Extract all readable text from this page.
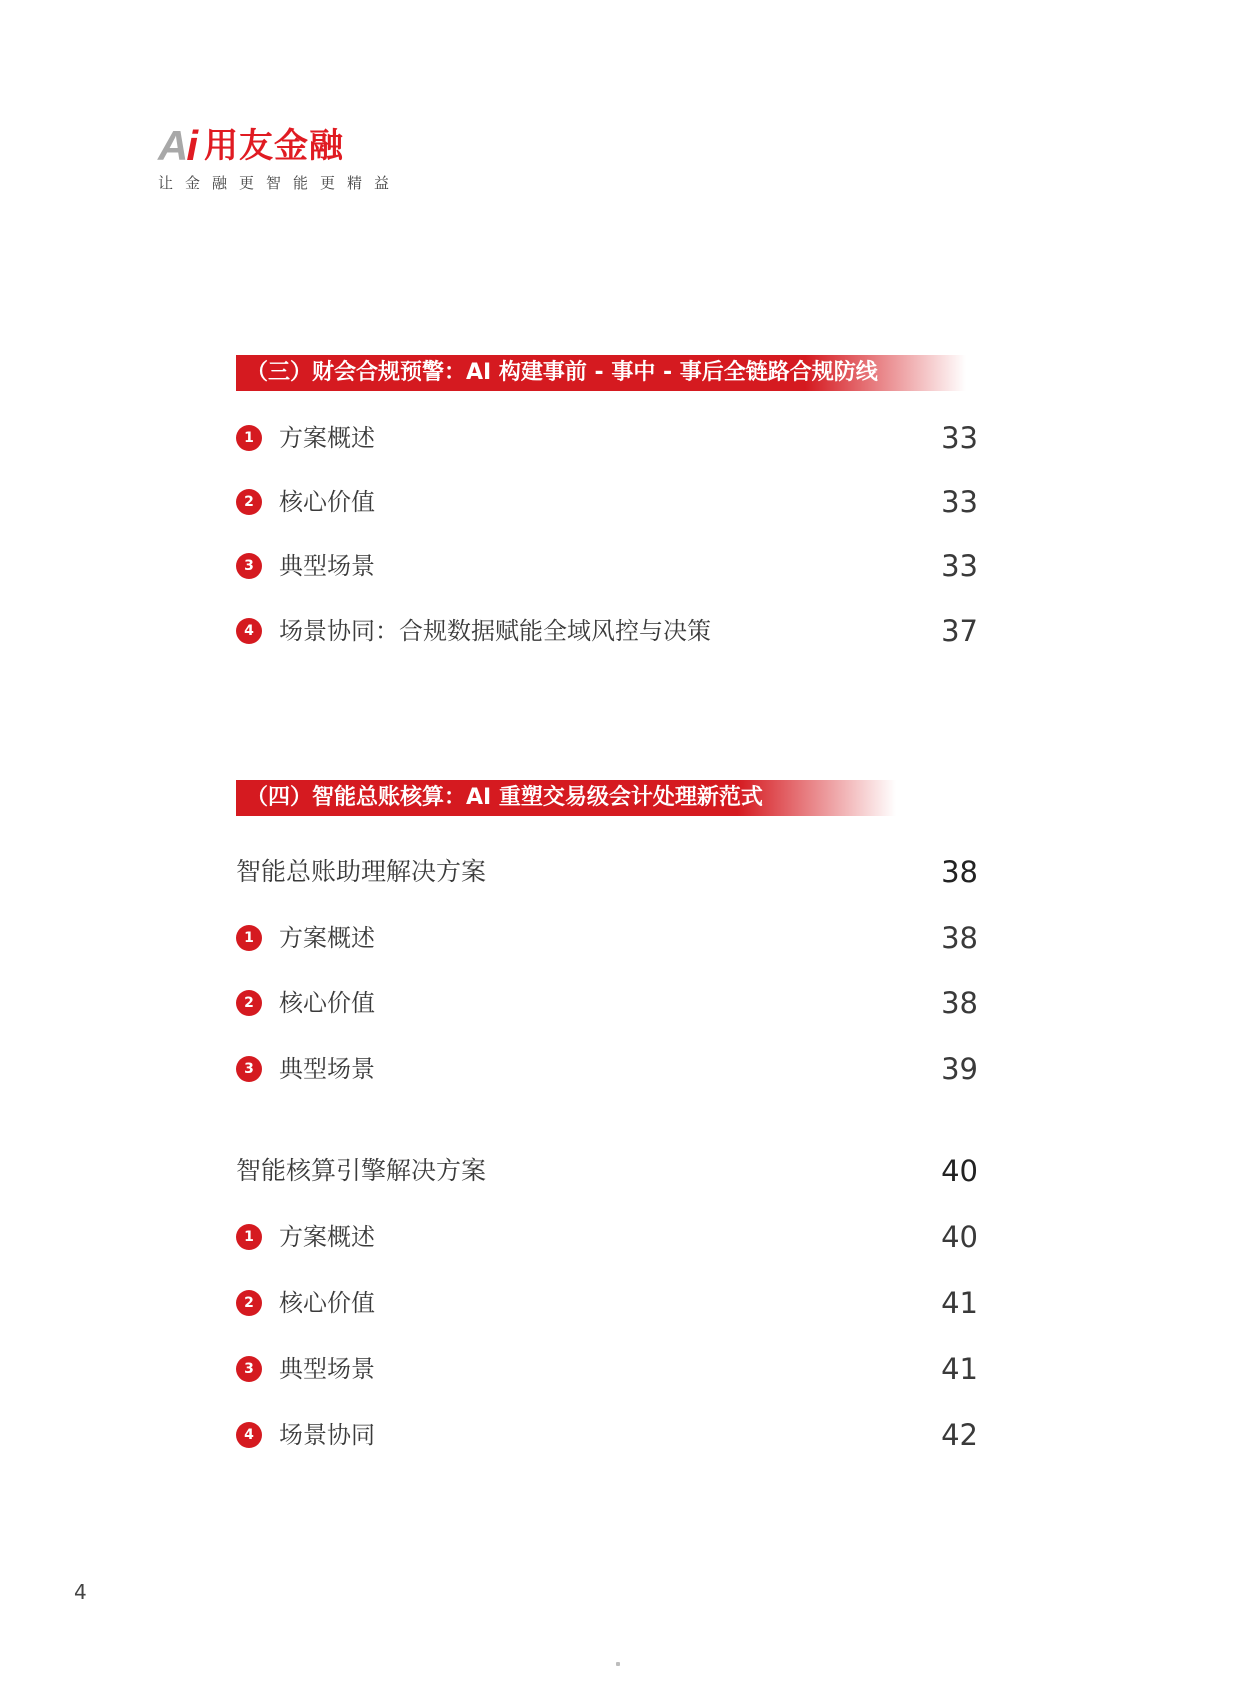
Ai 用友金融
让金融更智能更精益
（三）财会合规预警：AI 构建事前 - 事中 - 事后全链路合规防线
1	方案概述	33
2	核心价值	33
3	典型场景	33
4	场景协同：合规数据赋能全域风控与决策	37
（四）智能总账核算：AI 重塑交易级会计处理新范式
智能总账助理解决方案	38
1	方案概述	38
2	核心价值	38
3	典型场景	39
智能核算引擎解决方案	40
1	方案概述	40
2	核心价值	41
3	典型场景	41
4	场景协同	42
4
